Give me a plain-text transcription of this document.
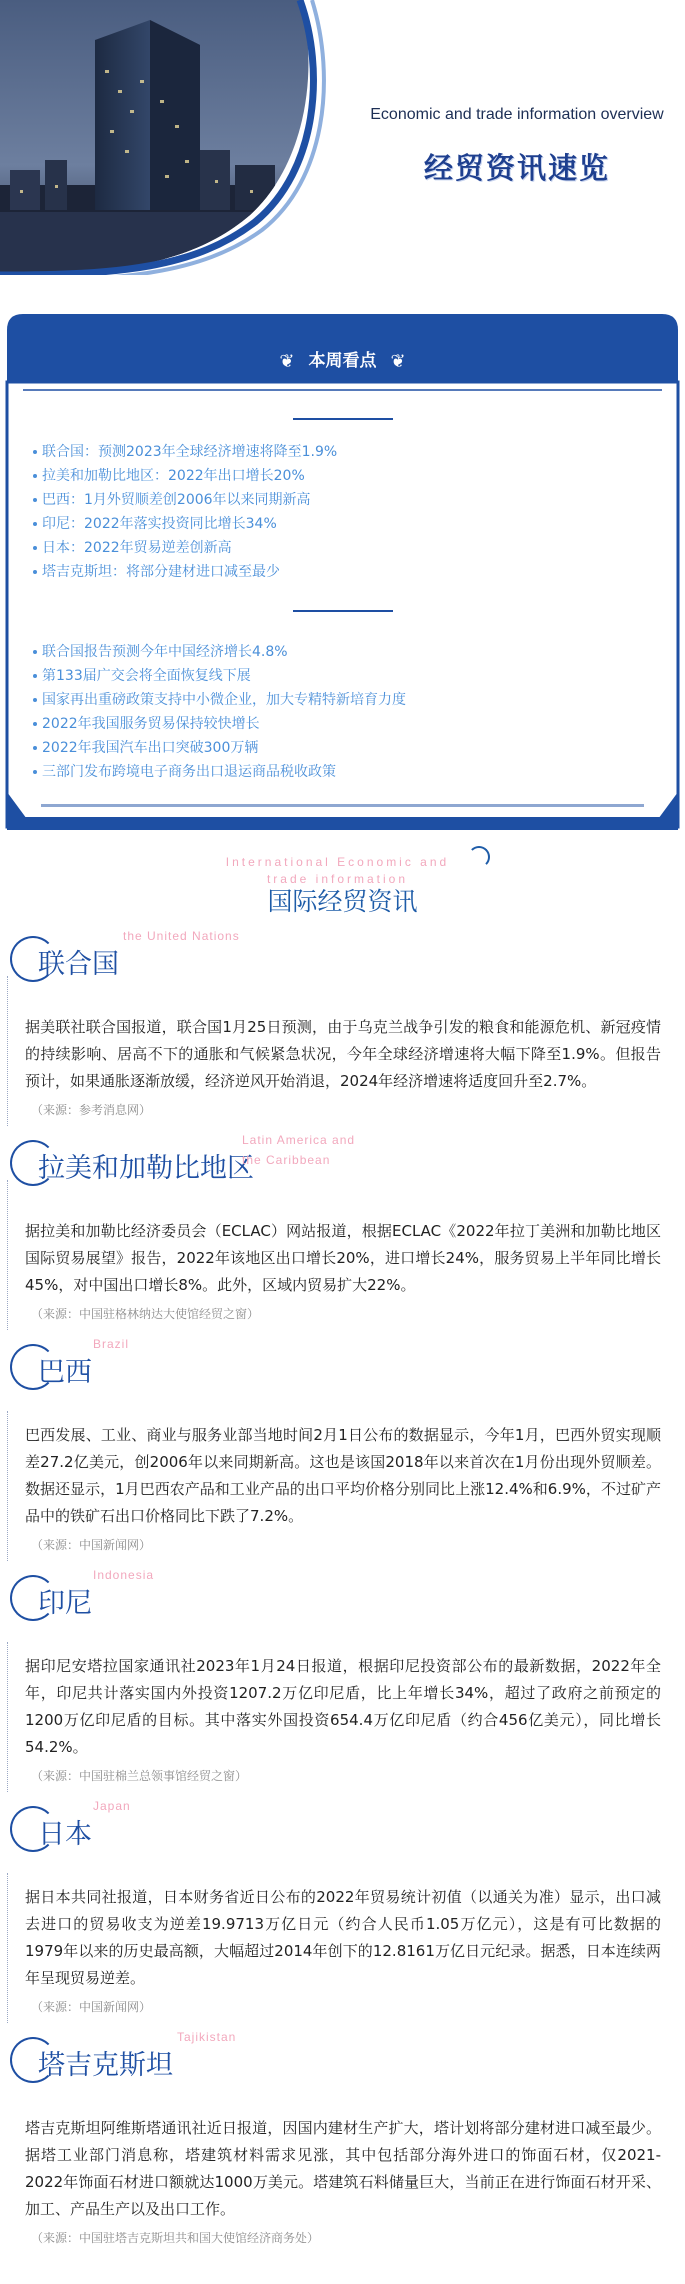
Economic and trade information overview
经贸资讯速览
❦ 本周看点 ❦
联合国：预测2023年全球经济增速将降至1.9%
拉美和加勒比地区：2022年出口增长20%
巴西：1月外贸顺差创2006年以来同期新高
印尼：2022年落实投资同比增长34%
日本：2022年贸易逆差创新高
塔吉克斯坦：将部分建材进口减至最少
联合国报告预测今年中国经济增长4.8%
第133届广交会将全面恢复线下展
国家再出重磅政策支持中小微企业，加大专精特新培育力度
2022年我国服务贸易保持较快增长
2022年我国汽车出口突破300万辆
三部门发布跨境电子商务出口退运商品税收政策
International Economic and trade information
国际经贸资讯
联合国
the United Nations
据美联社联合国报道，联合国1月25日预测，由于乌克兰战争引发的粮食和能源危机、新冠疫情的持续影响、居高不下的通胀和气候紧急状况，今年全球经济增速将大幅下降至1.9%。但报告预计，如果通胀逐渐放缓，经济逆风开始消退，2024年经济增速将适度回升至2.7%。
（来源：参考消息网）
拉美和加勒比地区
Latin America and the Caribbean
据拉美和加勒比经济委员会（ECLAC）网站报道，根据ECLAC《2022年拉丁美洲和加勒比地区国际贸易展望》报告，2022年该地区出口增长20%，进口增长24%，服务贸易上半年同比增长45%，对中国出口增长8%。此外，区域内贸易扩大22%。
（来源：中国驻格林纳达大使馆经贸之窗）
巴西
Brazil
巴西发展、工业、商业与服务业部当地时间2月1日公布的数据显示，今年1月，巴西外贸实现顺差27.2亿美元，创2006年以来同期新高。这也是该国2018年以来首次在1月份出现外贸顺差。数据还显示，1月巴西农产品和工业产品的出口平均价格分别同比上涨12.4%和6.9%，不过矿产品中的铁矿石出口价格同比下跌了7.2%。
（来源：中国新闻网）
印尼
Indonesia
据印尼安塔拉国家通讯社2023年1月24日报道，根据印尼投资部公布的最新数据，2022年全年，印尼共计落实国内外投资1207.2万亿印尼盾，比上年增长34%，超过了政府之前预定的1200万亿印尼盾的目标。其中落实外国投资654.4万亿印尼盾（约合456亿美元），同比增长54.2%。
（来源：中国驻棉兰总领事馆经贸之窗）
日本
Japan
据日本共同社报道，日本财务省近日公布的2022年贸易统计初值（以通关为准）显示，出口减去进口的贸易收支为逆差19.9713万亿日元（约合人民币1.05万亿元），这是有可比数据的1979年以来的历史最高额，大幅超过2014年创下的12.8161万亿日元纪录。据悉，日本连续两年呈现贸易逆差。
（来源：中国新闻网）
塔吉克斯坦
Tajikistan
塔吉克斯坦阿维斯塔通讯社近日报道，因国内建材生产扩大，塔计划将部分建材进口减至最少。据塔工业部门消息称，塔建筑材料需求见涨，其中包括部分海外进口的饰面石材，仅2021-2022年饰面石材进口额就达1000万美元。塔建筑石料储量巨大，当前正在进行饰面石材开采、加工、产品生产以及出口工作。
（来源：中国驻塔吉克斯坦共和国大使馆经济商务处）
